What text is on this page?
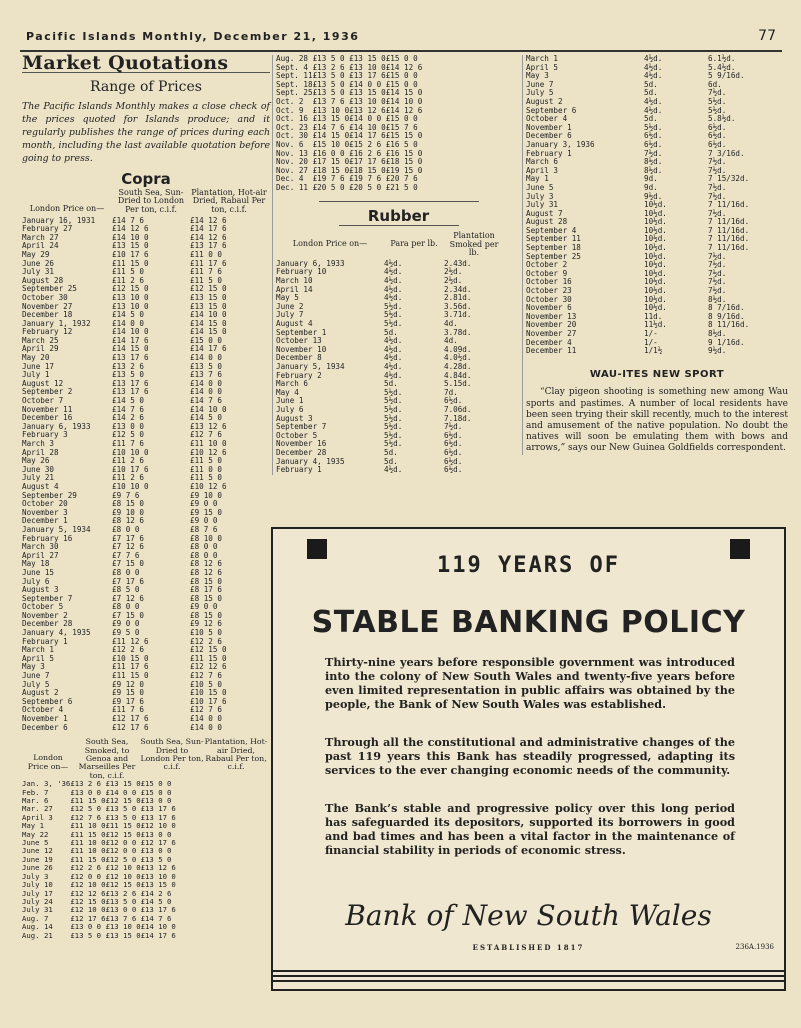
Pacific Islands Monthly, December 21, 1936	77
Market Quotations
Range of Prices
The Pacific Islands Monthly makes a close check of the prices quoted for Islands produce; and it regularly publishes the range of prices during each month, including the last available quotation before going to press.
Copra
London Price on—
South Sea, Sun-Dried to London Per ton, c.i.f.
Plantation, Hot-air Dried, Rabaul Per ton, c.i.f.
January 16, 1931	£14 7 6	£14 12 6
February 27	£14 12 6	£14 17 6
March 27	£14 10 0	£14 12 6
April 24	£13 15 0	£13 17 6
May 29	£10 17 6	£11 0 0
June 26	£11 15 0	£11 17 6
July 31	£11 5 0	£11 7 6
August 28	£11 2 6	£11 5 0
September 25	£12 15 0	£12 15 0
October 30	£13 10 0	£13 15 0
November 27	£13 10 0	£13 15 0
December 18	£14 5 0	£14 10 0
January 1, 1932	£14 0 0	£14 15 0
February 12	£14 10 0	£14 15 0
March 25	£14 17 6	£15 0 0
April 29	£14 15 0	£14 17 6
May 20	£13 17 6	£14 0 0
June 17	£13 2 6	£13 5 0
July 1	£13 5 0	£13 7 6
August 12	£13 17 6	£14 0 0
September 2	£13 17 6	£14 0 0
October 7	£14 5 0	£14 7 6
November 11	£14 7 6	£14 10 0
December 16	£14 2 6	£14 5 0
January 6, 1933	£13 0 0	£13 12 6
February 3	£12 5 0	£12 7 6
March 3	£11 7 6	£11 10 0
April 28	£10 10 0	£10 12 6
May 26	£11 2 6	£11 5 0
June 30	£10 17 6	£11 0 0
July 21	£11 2 6	£11 5 0
August 4	£10 10 0	£10 12 6
September 29	£9 7 6	£9 10 0
October 20	£8 15 0	£9 0 0
November 3	£9 10 0	£9 15 0
December 1	£8 12 6	£9 0 0
January 5, 1934	£8 0 0	£8 7 6
February 16	£7 17 6	£8 10 0
March 30	£7 12 6	£8 0 0
April 27	£7 7 6	£8 0 0
May 18	£7 15 0	£8 12 6
June 15	£8 0 0	£8 12 6
July 6	£7 17 6	£8 15 0
August 3	£8 5 0	£8 17 6
September 7	£7 12 6	£8 15 0
October 5	£8 0 0	£9 0 0
November 2	£7 15 0	£8 15 0
December 28	£9 0 0	£9 12 6
January 4, 1935	£9 5 0	£10 5 0
February 1	£11 12 6	£12 2 6
March 1	£12 2 6	£12 15 0
April 5	£10 15 0	£11 15 0
May 3	£11 17 6	£12 12 6
June 7	£11 15 0	£12 7 6
July 5	£9 12 0	£10 5 0
August 2	£9 15 0	£10 15 0
September 6	£9 17 6	£10 17 6
October 4	£11 7 6	£12 7 6
November 1	£12 17 6	£14 0 0
December 6	£12 17 6	£14 0 0
London Price on—
South Sea, Smoked, to Genoa and Marseilles Per ton, c.i.f.
South Sea, Sun-Dried to London Per ton, c.i.f.
Plantation, Hot-air Dried, Rabaul Per ton, c.i.f.
Jan. 3, '36	£13 2 6	£13 15 0	£15 0 0
Feb. 7	£13 0 0	£14 0 0	£15 0 0
Mar. 6	£11 15 0	£12 15 0	£13 0 0
Mar. 27	£12 5 0	£13 5 0	£13 17 6
April 3	£12 7 6	£13 5 0	£13 17 6
May 1	£11 10 0	£11 15 0	£12 10 0
May 22	£11 15 0	£12 15 0	£13 0 0
June 5	£11 10 0	£12 0 0	£12 17 6
June 12	£11 10 0	£12 0 0	£13 0 0
June 19	£11 15 0	£12 5 0	£13 5 0
June 26	£12 2 6	£12 10 0	£13 12 6
July 3	£12 0 0	£12 10 0	£13 10 0
July 10	£12 10 0	£12 15 0	£13 15 0
July 17	£12 12 6	£13 2 6	£14 2 6
July 24	£12 15 0	£13 5 0	£14 5 0
July 31	£12 10 0	£13 0 0	£13 17 6
Aug. 7	£12 17 6	£13 7 6	£14 7 6
Aug. 14	£13 0 0	£13 10 0	£14 10 0
Aug. 21	£13 5 0	£13 15 0	£14 17 6
Aug. 28	£13 5 0	£13 15 0	£15 0 0
Sept. 4	£13 2 6	£13 10 0	£14 12 6
Sept. 11	£13 5 0	£13 17 6	£15 0 0
Sept. 18	£13 5 0	£14 0 0	£15 0 0
Sept. 25	£13 5 0	£13 15 0	£14 15 0
Oct. 2	£13 7 6	£13 10 0	£14 10 0
Oct. 9	£13 10 0	£13 12 6	£14 12 6
Oct. 16	£13 15 0	£14 0 0	£15 0 0
Oct. 23	£14 7 6	£14 10 0	£15 7 6
Oct. 30	£14 15 0	£14 17 6	£15 15 0
Nov. 6	£15 10 0	£15 2 6	£16 5 0
Nov. 13	£16 0 0	£16 2 6	£16 15 0
Nov. 20	£17 15 0	£17 17 6	£18 15 0
Nov. 27	£18 15 0	£18 15 0	£19 15 0
Dec. 4	£19 7 6	£19 7 6	£20 7 6
Dec. 11	£20 5 0	£20 5 0	£21 5 0
Rubber
London Price on—	Para per lb.
Plantation Smoked per lb.
January 6, 1933	4½d.	2.43d.
February 10	4½d.	2½d.
March 10	4½d.	2½d.
April 14	4½d.	2.34d.
May 5	4½d.	2.81d.
June 2	5½d.	3.56d.
July 7	5½d.	3.71d.
August 4	5½d.	4d.
September 1	5d.	3.78d.
October 13	4½d.	4d.
November 10	4½d.	4.09d.
December 8	4½d.	4.0½d.
January 5, 1934	4½d.	4.28d.
February 2	4½d.	4.84d.
March 6	5d.	5.15d.
May 4	5½d.	7d.
June 1	5½d.	6½d.
July 6	5½d.	7.06d.
August 3	5½d.	7.18d.
September 7	5½d.	7½d.
October 5	5½d.	6½d.
November 16	5½d.	6½d.
December 28	5d.	6½d.
January 4, 1935	5d.	6½d.
February 1	4½d.	6½d.
March 1	4½d.	6.1½d.
April 5	4½d.	5.4½d.
May 3	4½d.	5 9/16d.
June 7	5d.	6d.
July 5	5d.	7½d.
August 2	4½d.	5½d.
September 6	4½d.	5½d.
October 4	5d.	5.8½d.
November 1	5½d.	6½d.
December 6	6½d.	6½d.
January 3, 1936	6½d.	6½d.
February 1	7½d.	7 3/16d.
March 6	8½d.	7½d.
April 3	8½d.	7½d.
May 1	9d.	7 15/32d.
June 5	9d.	7½d.
July 3	9½d.	7½d.
July 31	10½d.	7 11/16d.
August 7	10½d.	7½d.
August 28	10½d.	7 11/16d.
September 4	10½d.	7 11/16d.
September 11	10½d.	7 11/16d.
September 18	10½d.	7 11/16d.
September 25	10½d.	7½d.
October 2	10½d.	7½d.
October 9	10½d.	7½d.
October 16	10½d.	7½d.
October 23	10½d.	7½d.
October 30	10½d.	8½d.
November 6	10½d.	8 7/16d.
November 13	11d.	8 9/16d.
November 20	11½d.	8 11/16d.
November 27	1/-	8½d.
December 4	1/-	9 1/16d.
December 11	1/1½	9½d.
WAU-ITES NEW SPORT
“Clay pigeon shooting is something new among Wau sports and pastimes. A number of local residents have been seen trying their skill recently, much to the interest and amusement of the native population. No doubt the natives will soon be emulating them with bows and arrows,” says our New Guinea Goldfields correspondent.
119 YEARS OF
STABLE BANKING POLICY
Thirty-nine years before responsible government was introduced into the colony of New South Wales and twenty-five years before even limited representation in public affairs was obtained by the people, the Bank of New South Wales was established.
Through all the constitutional and administrative changes of the past 119 years this Bank has steadily progressed, adapting its services to the ever changing economic needs of the community.
The Bank’s stable and progressive policy over this long period has safeguarded its depositors, supported its borrowers in good and bad times and has been a vital factor in the maintenance of financial stability in periods of economic stress.
Bank of New South Wales
ESTABLISHED 1817	236A.1936
